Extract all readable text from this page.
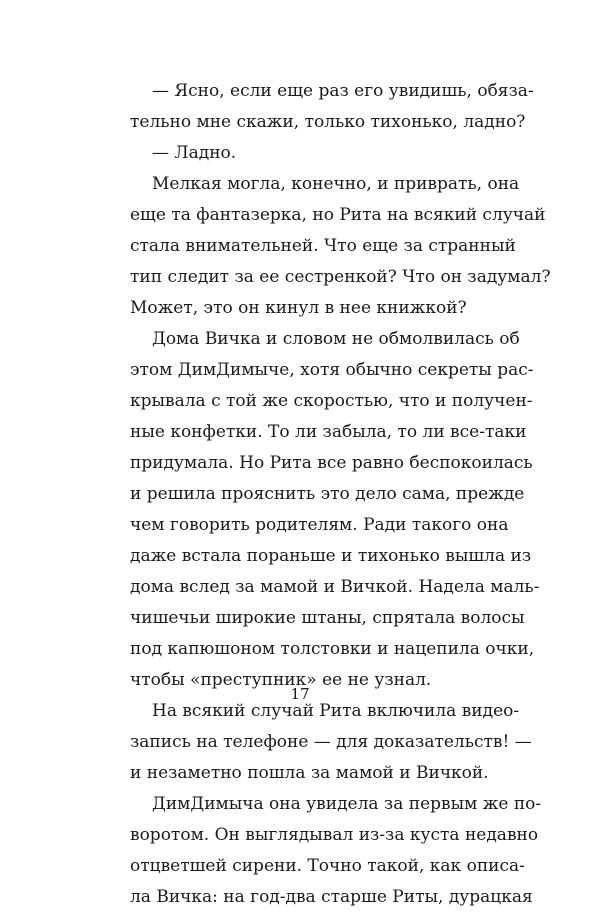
— Ясно, если еще раз его увидишь, обяза-
тельно мне скажи, только тихонько, ладно?
— Ладно.
Мелкая могла, конечно, и приврать, она
еще та фантазерка, но Рита на всякий случай
стала внимательней. Что еще за странный
тип следит за ее сестренкой? Что он задумал?
Может, это он кинул в нее книжкой?
Дома Вичка и словом не обмолвилась об
этом ДимДимыче, хотя обычно секреты рас-
крывала с той же скоростью, что и получен-
ные конфетки. То ли забыла, то ли все-таки
придумала. Но Рита все равно беспокоилась
и решила прояснить это дело сама, прежде
чем говорить родителям. Ради такого она
даже встала пораньше и тихонько вышла из
дома вслед за мамой и Вичкой. Надела маль-
чишечьи широкие штаны, спрятала волосы
под капюшоном толстовки и нацепила очки,
чтобы «преступник» ее не узнал.
На всякий случай Рита включила видео-
запись на телефоне — для доказательств! —
и незаметно пошла за мамой и Вичкой.
ДимДимыча она увидела за первым же по-
воротом. Он выглядывал из-за куста недавно
отцветшей сирени. Точно такой, как описа-
ла Вичка: на год-два старше Риты, дурацкая
17
